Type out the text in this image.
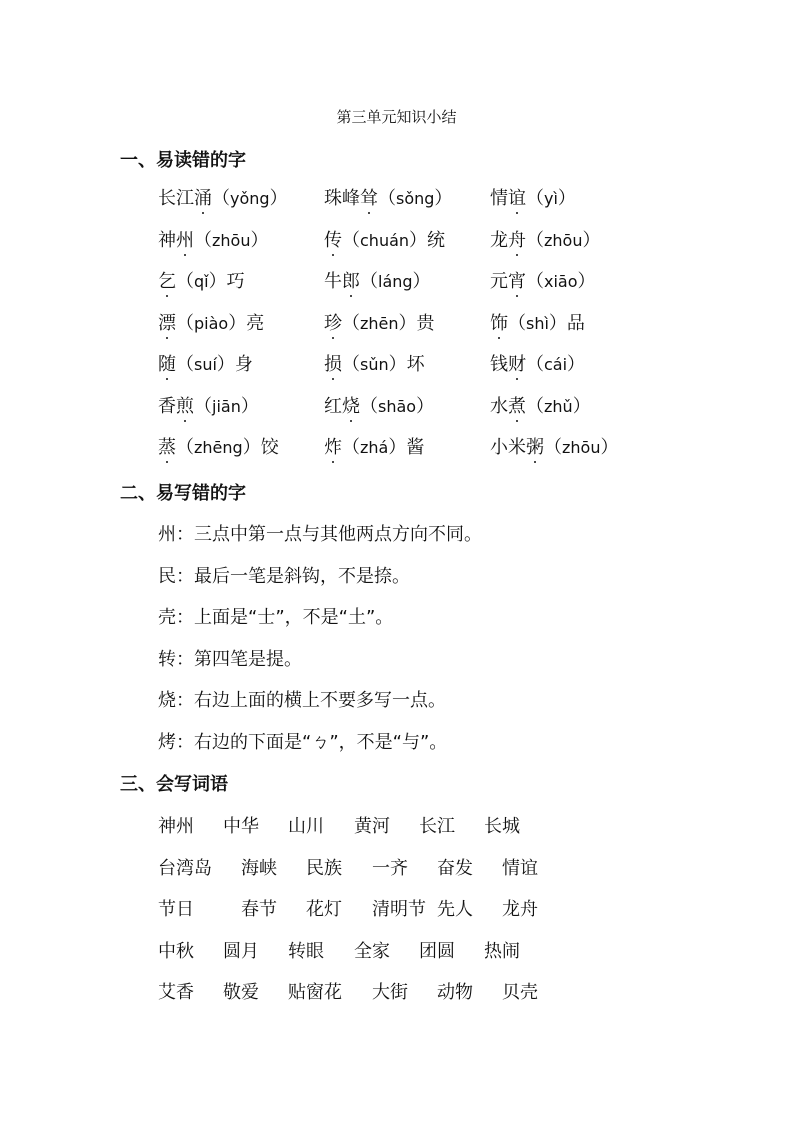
第三单元知识小结
一、易读错的字
长江涌（yǒng） 珠峰耸（sǒng） 情谊（yì）
神州（zhōu）	传（chuán）统 龙舟（zhōu）
乞（qǐ）巧	牛郎（láng）	元宵（xiāo）
漂（piào）亮	珍（zhēn）贵	饰（shì）品
随（suí）身	损（sǔn）坏	钱财（cái）
香煎（jiān）	红烧（shāo）	水煮（zhǔ）
蒸（zhēng）饺	炸（zhá）酱	小米粥（zhōu）
二、易写错的字
州：三点中第一点与其他两点方向不同。
民：最后一笔是斜钩，不是捺。
壳：上面是“士”，不是“土”。
转：第四笔是提。
烧：右边上面的横上不要多写一点。
烤：右边的下面是“ㄅ”，不是“与”。
三、会写词语
神州 中华 山川 黄河 长江 长城
台湾岛 海峡 民族 一齐 奋发 情谊
节日	春节 花灯 清明节 先人 龙舟
中秋 圆月 转眼 全家 团圆 热闹
艾香 敬爱 贴窗花 大街 动物 贝壳
